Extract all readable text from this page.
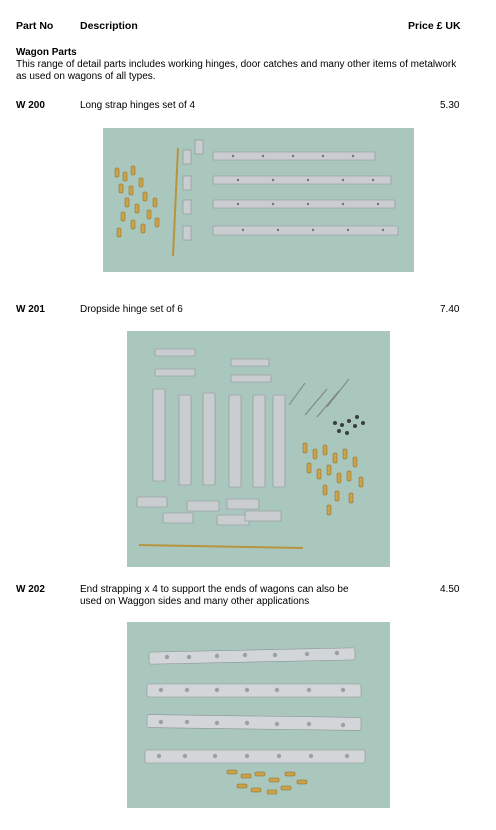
Part No	Description	Price £ UK
Wagon Parts
This range of detail parts includes working hinges, door catches and many other items of metalwork
as used on wagons of all types.
W 200	Long strap hinges set of 4	5.30
W 201	Dropside hinge set of 6	7.40
W 202	End strapping x 4 to support the ends of wagons can also be
used on Waggon sides and many other applications
4.50
